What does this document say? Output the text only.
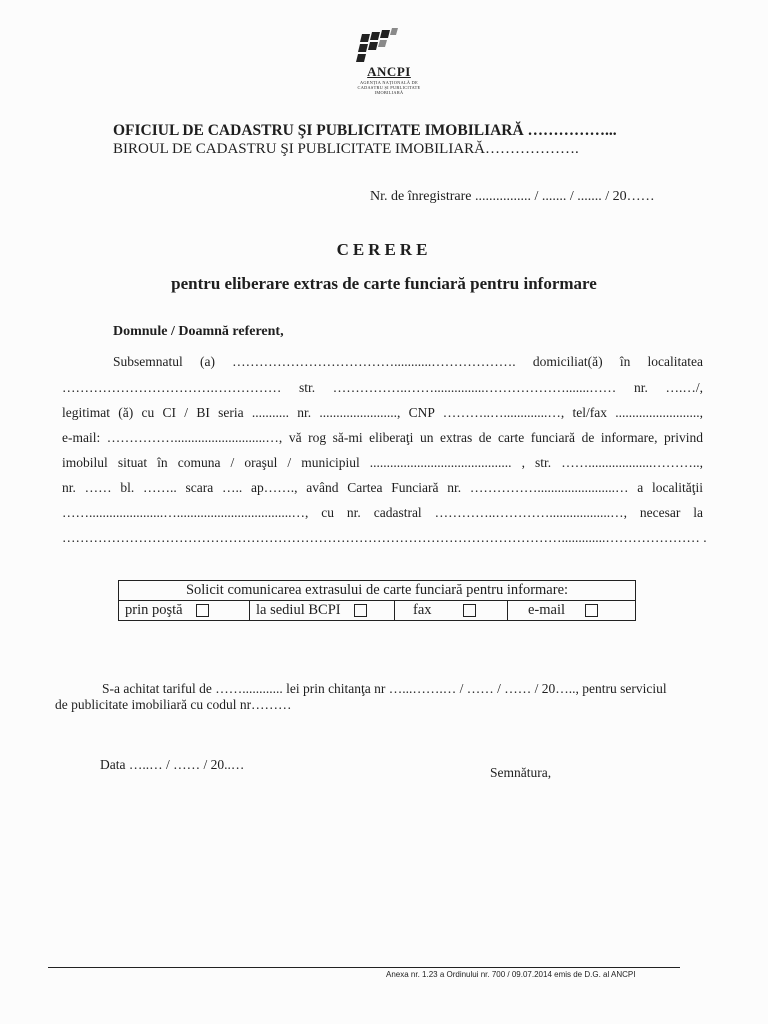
ANCPI
AGENȚIA NAȚIONALĂ DE CADASTRU ȘI PUBLICITATE IMOBILIARĂ
OFICIUL DE CADASTRU ŞI PUBLICITATE IMOBILIARĂ ……………...
BIROUL DE CADASTRU ŞI PUBLICITATE IMOBILIARĂ……………….
Nr. de înregistrare ................ / ....... / ....... / 20……
CERERE
pentru eliberare extras de carte funciară pentru informare
Domnule / Doamnă referent,
Subsemnatul (a) ………………………………...........………………. domiciliat(ă) în localitatea
…………………………….…………… str. ……………..……...............……………….......…… nr. ….…/,
legitimat (ă) cu CI / BI seria ........... nr. ......................., CNP ………..….............…, tel/fax .........................,
e-mail: ……………...........................…, vă rog să-mi eliberaţi un extras de carte funciară de informare, privind
imobilul situat în comuna / oraşul / municipiul .......................................... , str. ……...................………..,
nr. …… bl. …….. scara ….. ap……., având Cartea Funciară nr. …………….......................… a localităţii
……......................…..................................…, cu nr. cadastral …………..…………..................…, necesar la
………………………………………………………………………………………………….............………………… .
Solicit comunicarea extrasului de carte funciară pentru informare:
prin poştă	la sediul BCPI	fax	e-mail
S-a achitat tariful de ……............ lei prin chitanţa nr …...…….… / …… / …… / 20….., pentru serviciul
de publicitate imobiliară cu codul nr………
Data …..… / …… / 20..…
Semnătura,
Anexa nr. 1.23 a Ordinului nr. 700 / 09.07.2014 emis de D.G. al ANCPI
